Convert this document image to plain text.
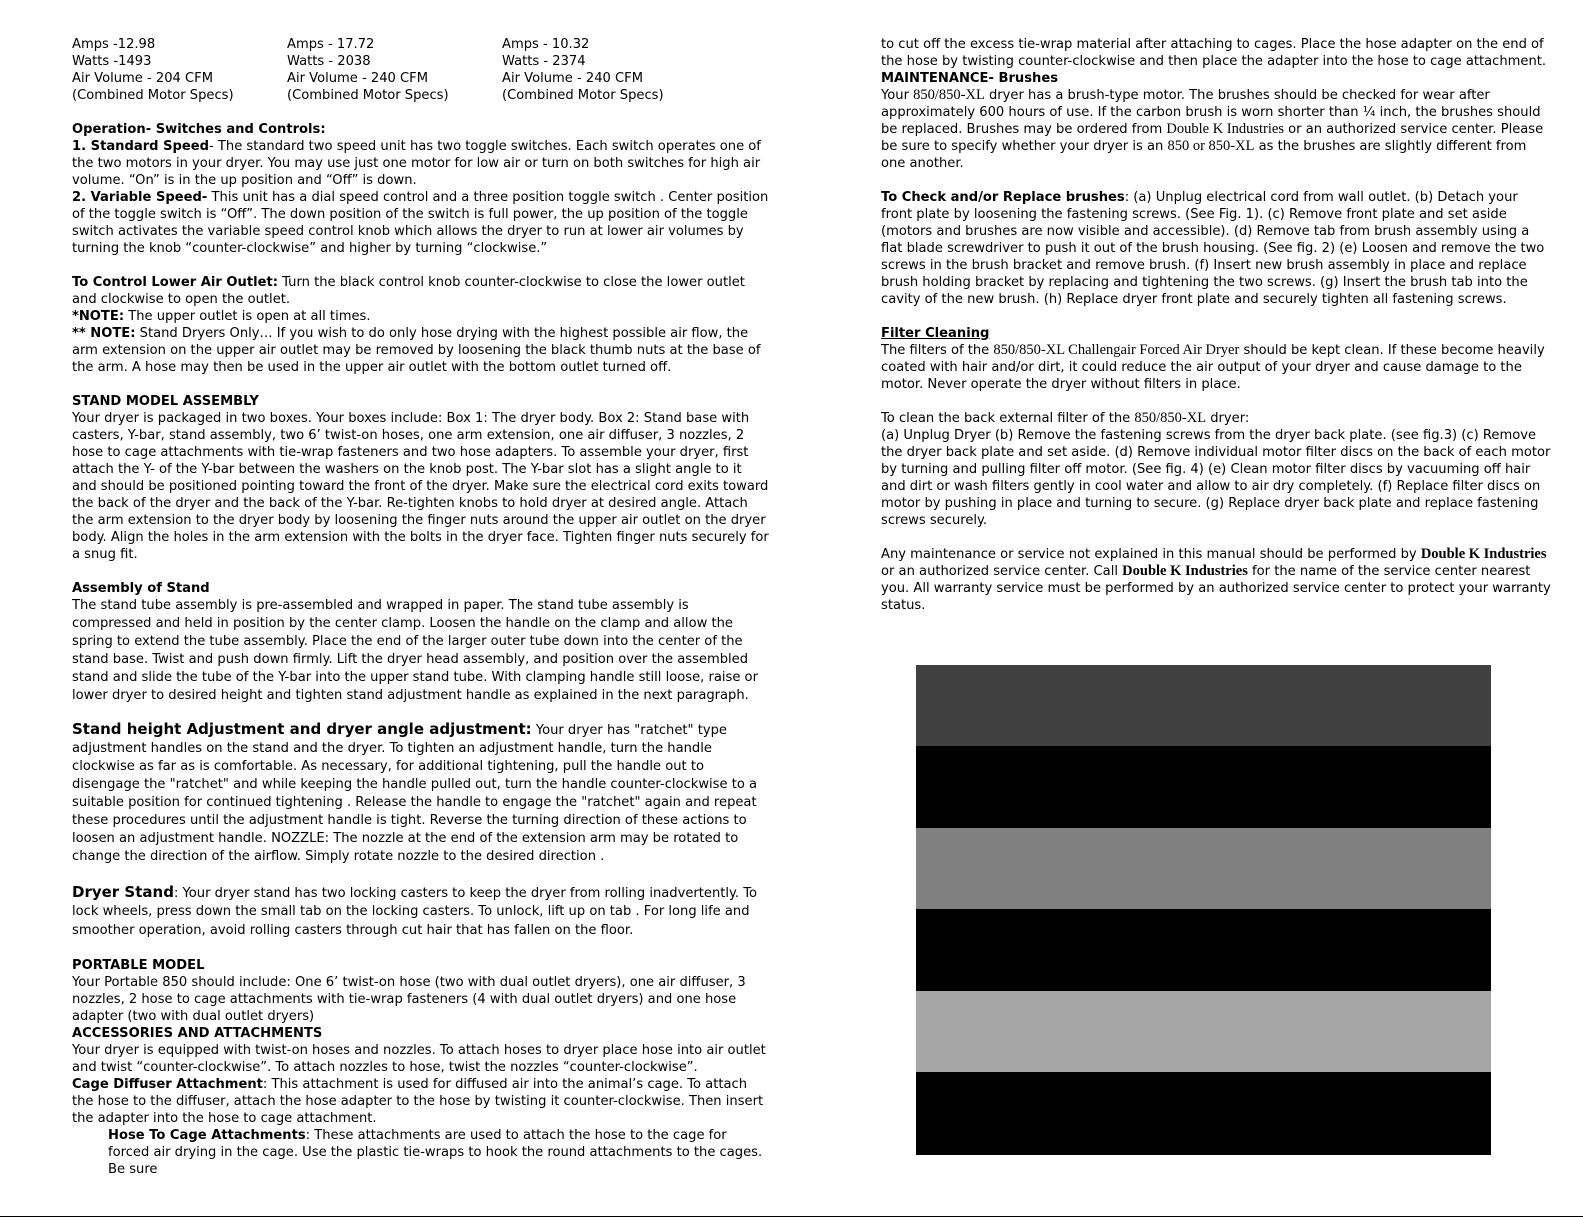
Amps -12.98	Amps - 17.72	Amps - 10.32
Watts -1493	Watts - 2038	Watts - 2374
Air Volume - 204 CFM	Air Volume - 240 CFM	Air Volume - 240 CFM
(Combined Motor Specs)	(Combined Motor Specs)	(Combined Motor Specs)

Operation- Switches and Controls:

1. Standard Speed- The standard two speed unit has two toggle switches. Each switch operates one of the two motors in your dryer. You may use just one motor for low air or turn on both switches for high air volume. “On” is in the up position and “Off” is down.

2. Variable Speed- This unit has a dial speed control and a three position toggle switch . Center position of the toggle switch is “Off”. The down position of the switch is full power, the up position of the toggle switch activates the variable speed control knob which allows the dryer to run at lower air volumes by turning the knob “counter-clockwise” and higher by turning “clockwise.”

To Control Lower Air Outlet: Turn the black control knob counter-clockwise to close the lower outlet and clockwise to open the outlet.

*NOTE: The upper outlet is open at all times.

** NOTE: Stand Dryers Only… If you wish to do only hose drying with the highest possible air flow, the arm extension on the upper air outlet may be removed by loosening the black thumb nuts at the base of the arm. A hose may then be used in the upper air outlet with the bottom outlet turned off.

STAND MODEL ASSEMBLY

Your dryer is packaged in two boxes. Your boxes include: Box 1: The dryer body. Box 2: Stand base with casters, Y-bar, stand assembly, two 6’ twist-on hoses, one arm extension, one air diffuser, 3 nozzles, 2 hose to cage attachments with tie-wrap fasteners and two hose adapters. To assemble your dryer, first attach the Y- of the Y-bar between the washers on the knob post. The Y-bar slot has a slight angle to it and should be positioned pointing toward the front of the dryer. Make sure the electrical cord exits toward the back of the dryer and the back of the Y-bar. Re-tighten knobs to hold dryer at desired angle. Attach the arm extension to the dryer body by loosening the finger nuts around the upper air outlet on the dryer body. Align the holes in the arm extension with the bolts in the dryer face. Tighten finger nuts securely for a snug fit.

Assembly of Stand

The stand tube assembly is pre-assembled and wrapped in paper. The stand tube assembly is compressed and held in position by the center clamp. Loosen the handle on the clamp and allow the spring to extend the tube assembly. Place the end of the larger outer tube down into the center of the stand base. Twist and push down firmly. Lift the dryer head assembly, and position over the assembled stand and slide the tube of the Y-bar into the upper stand tube. With clamping handle still loose, raise or lower dryer to desired height and tighten stand adjustment handle as explained in the next paragraph.

Stand height Adjustment and dryer angle adjustment: Your dryer has "ratchet" type adjustment handles on the stand and the dryer. To tighten an adjustment handle, turn the handle clockwise as far as is comfortable. As necessary, for additional tightening, pull the handle out to disengage the "ratchet" and while keeping the handle pulled out, turn the handle counter-clockwise to a suitable position for continued tightening . Release the handle to engage the "ratchet" again and repeat these procedures until the adjustment handle is tight. Reverse the turning direction of these actions to loosen an adjustment handle. NOZZLE: The nozzle at the end of the extension arm may be rotated to change the direction of the airflow. Simply rotate nozzle to the desired direction .

Dryer Stand: Your dryer stand has two locking casters to keep the dryer from rolling inadvertently. To lock wheels, press down the small tab on the locking casters. To unlock, lift up on tab . For long life and smoother operation, avoid rolling casters through cut hair that has fallen on the floor.

PORTABLE MODEL

Your Portable 850 should include: One 6’ twist-on hose (two with dual outlet dryers), one air diffuser, 3 nozzles, 2 hose to cage attachments with tie-wrap fasteners (4 with dual outlet dryers) and one hose adapter (two with dual outlet dryers)

ACCESSORIES AND ATTACHMENTS

Your dryer is equipped with twist-on hoses and nozzles. To attach hoses to dryer place hose into air outlet and twist “counter-clockwise”. To attach nozzles to hose, twist the nozzles “counter-clockwise”.

Cage Diffuser Attachment: This attachment is used for diffused air into the animal’s cage. To attach the hose to the diffuser, attach the hose adapter to the hose by twisting it counter-clockwise. Then insert the adapter into the hose to cage attachment.

Hose To Cage Attachments: These attachments are used to attach the hose to the cage for forced air drying in the cage. Use the plastic tie-wraps to hook the round attachments to the cages. Be sure

to cut off the excess tie-wrap material after attaching to cages. Place the hose adapter on the end of the hose by twisting counter-clockwise and then place the adapter into the hose to cage attachment.

MAINTENANCE- Brushes

Your 850/850-XL dryer has a brush-type motor. The brushes should be checked for wear after approximately 600 hours of use. If the carbon brush is worn shorter than ¼ inch, the brushes should be replaced. Brushes may be ordered from Double K Industries or an authorized service center. Please be sure to specify whether your dryer is an 850 or 850-XL as the brushes are slightly different from one another.

To Check and/or Replace brushes: (a) Unplug electrical cord from wall outlet. (b) Detach your front plate by loosening the fastening screws. (See Fig. 1). (c) Remove front plate and set aside (motors and brushes are now visible and accessible). (d) Remove tab from brush assembly using a flat blade screwdriver to push it out of the brush housing. (See fig. 2) (e) Loosen and remove the two screws in the brush bracket and remove brush. (f) Insert new brush assembly in place and replace brush holding bracket by replacing and tightening the two screws. (g) Insert the brush tab into the cavity of the new brush. (h) Replace dryer front plate and securely tighten all fastening screws.

Filter Cleaning

The filters of the 850/850-XL Challengair Forced Air Dryer should be kept clean. If these become heavily coated with hair and/or dirt, it could reduce the air output of your dryer and cause damage to the motor. Never operate the dryer without filters in place.

To clean the back external filter of the 850/850-XL dryer:

(a) Unplug Dryer (b) Remove the fastening screws from the dryer back plate. (see fig.3) (c) Remove the dryer back plate and set aside. (d) Remove individual motor filter discs on the back of each motor by turning and pulling filter off motor. (See fig. 4) (e) Clean motor filter discs by vacuuming off hair and dirt or wash filters gently in cool water and allow to air dry completely. (f) Replace filter discs on motor by pushing in place and turning to secure. (g) Replace dryer back plate and replace fastening screws securely.

Any maintenance or service not explained in this manual should be performed by Double K Industries or an authorized service center. Call Double K Industries for the name of the service center nearest you. All warranty service must be performed by an authorized service center to protect your warranty status.
